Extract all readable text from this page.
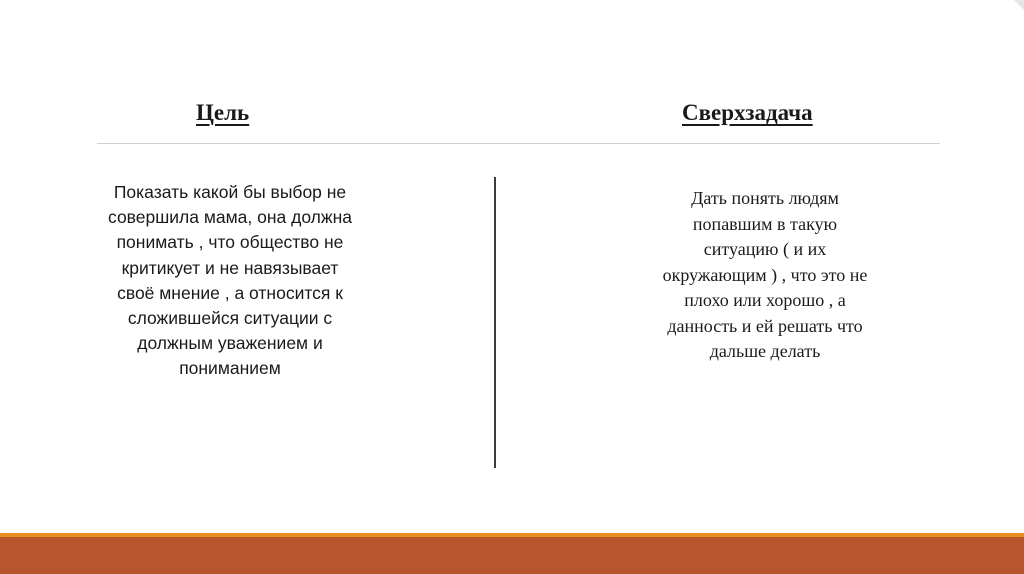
Цель	Сверхзадача
Показать какой бы выбор не
совершила мама, она должна
понимать , что общество не
критикует и не навязывает
своё мнение , а относится к
сложившейся ситуации с
должным уважением и
пониманием
Дать понять людям
попавшим в такую
ситуацию ( и их
окружающим ) , что это не
плохо или хорошо , а
данность и ей решать что
дальше делать
